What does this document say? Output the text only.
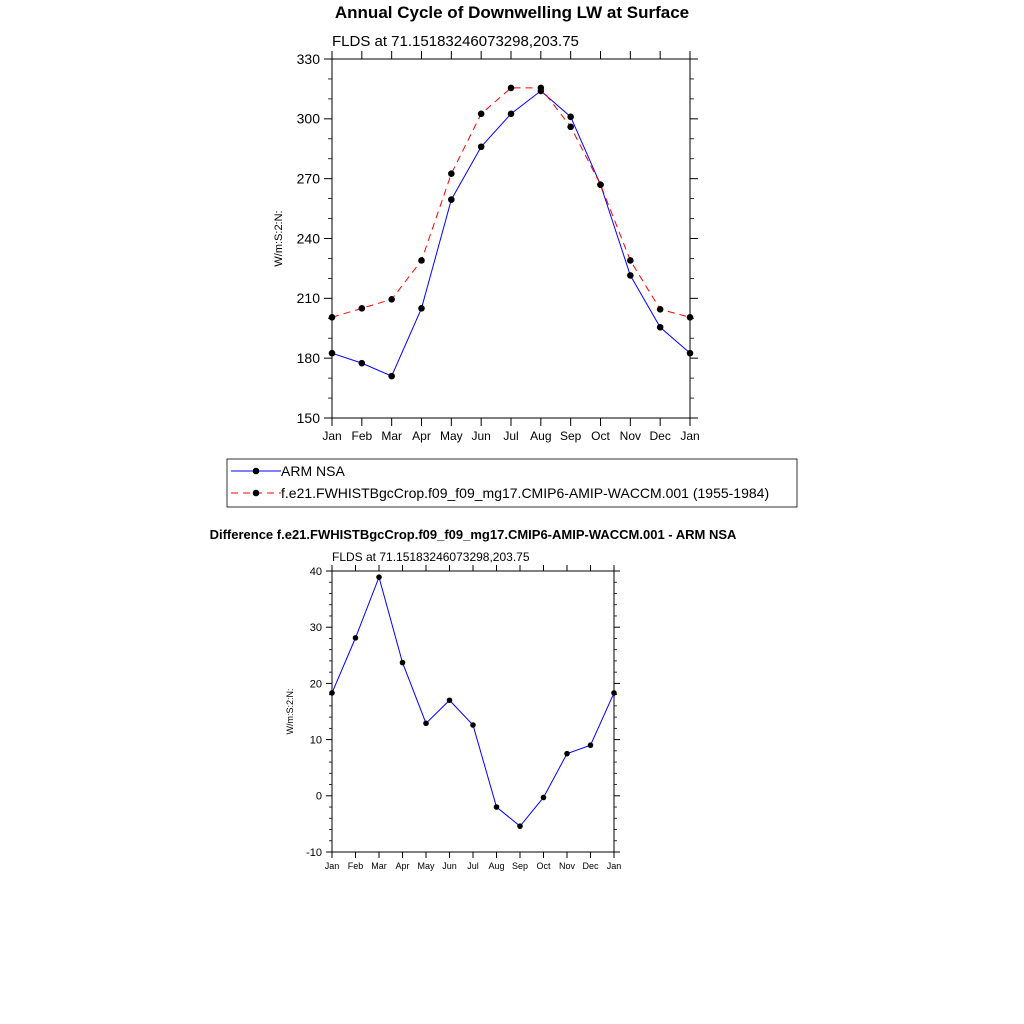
Annual Cycle of Downwelling LW at Surface
FLDS at 71.15183246073298,203.75
150
180
210
240
270
300
330
Jan Feb Mar Apr May Jun Jul Aug Sep Oct Nov Dec Jan
W/m:S:2:N:
ARM NSA
f.e21.FWHISTBgcCrop.f09_f09_mg17.CMIP6-AMIP-WACCM.001 (1955-1984)
Difference f.e21.FWHISTBgcCrop.f09_f09_mg17.CMIP6-AMIP-WACCM.001 - ARM NSA
FLDS at 71.15183246073298,203.75
-10
0
10
20
30
40
Jan Feb Mar Apr May Jun Jul Aug Sep Oct Nov Dec Jan
W/m:S:2:N:
